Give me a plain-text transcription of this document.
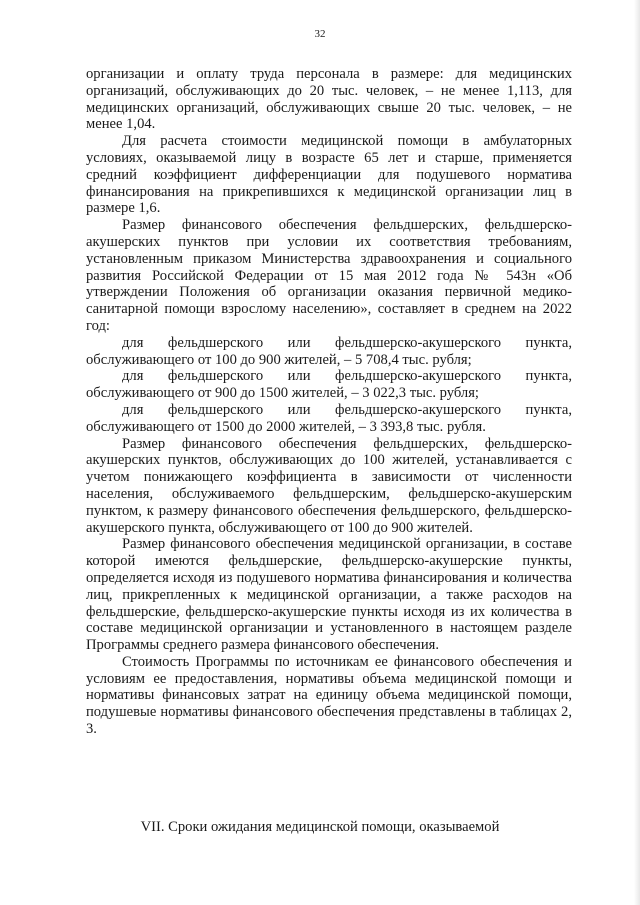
32

организации и оплату труда персонала в размере: для медицинских организаций, обслуживающих до 20 тыс. человек, – не менее 1,113, для медицинских организаций, обслуживающих свыше 20 тыс. человек, – не менее 1,04.

Для расчета стоимости медицинской помощи в амбулаторных условиях, оказываемой лицу в возрасте 65 лет и старше, применяется средний коэффициент дифференциации для подушевого норматива финансирования на прикрепившихся к медицинской организации лиц в размере 1,6.

Размер финансового обеспечения фельдшерских, фельдшерско-акушерских пунктов при условии их соответствия требованиям, установленным приказом Министерства здравоохранения и социального развития Российской Федерации от 15 мая 2012 года № 543н «Об утверждении Положения об организации оказания первичной медико-санитарной помощи взрослому населению», составляет в среднем на 2022 год:

для фельдшерского или фельдшерско-акушерского пункта, обслуживающего от 100 до 900 жителей, – 5 708,4 тыс. рубля;

для фельдшерского или фельдшерско-акушерского пункта, обслуживающего от 900 до 1500 жителей, – 3 022,3 тыс. рубля;

для фельдшерского или фельдшерско-акушерского пункта, обслуживающего от 1500 до 2000 жителей, – 3 393,8 тыс. рубля.

Размер финансового обеспечения фельдшерских, фельдшерско-акушерских пунктов, обслуживающих до 100 жителей, устанавливается с учетом понижающего коэффициента в зависимости от численности населения, обслуживаемого фельдшерским, фельдшерско-акушерским пунктом, к размеру финансового обеспечения фельдшерского, фельдшерско-акушерского пункта, обслуживающего от 100 до 900 жителей.

Размер финансового обеспечения медицинской организации, в составе которой имеются фельдшерские, фельдшерско-акушерские пункты, определяется исходя из подушевого норматива финансирования и количества лиц, прикрепленных к медицинской организации, а также расходов на фельдшерские, фельдшерско-акушерские пункты исходя из их количества в составе медицинской организации и установленного в настоящем разделе Программы среднего размера финансового обеспечения.

Стоимость Программы по источникам ее финансового обеспечения и условиям ее предоставления, нормативы объема медицинской помощи и нормативы финансовых затрат на единицу объема медицинской помощи, подушевые нормативы финансового обеспечения представлены в таблицах 2, 3.

VII. Сроки ожидания медицинской помощи, оказываемой
